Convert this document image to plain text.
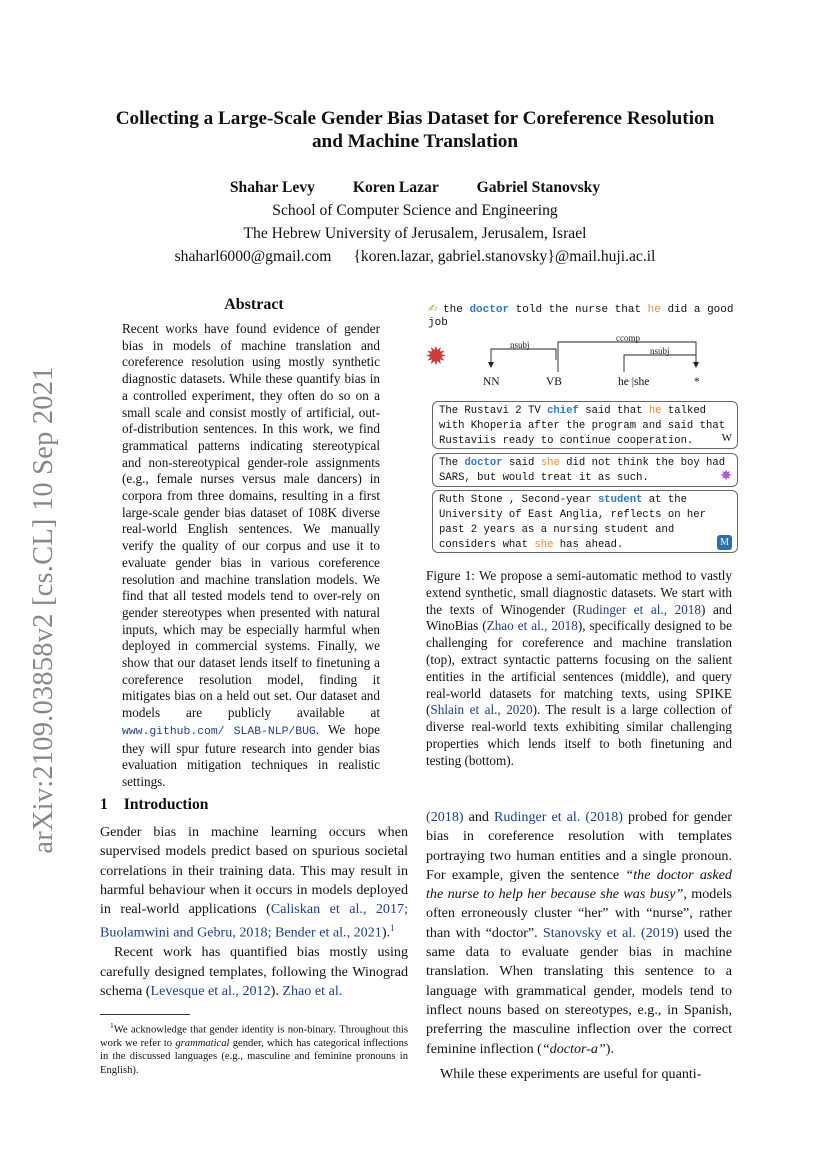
arXiv:2109.03858v2 [cs.CL] 10 Sep 2021
Collecting a Large-Scale Gender Bias Dataset for Coreference Resolution
and Machine Translation
Shahar Levy Koren Lazar Gabriel Stanovsky
School of Computer Science and Engineering
The Hebrew University of Jerusalem, Jerusalem, Israel
shaharl6000@gmail.com {koren.lazar, gabriel.stanovsky}@mail.huji.ac.il
Abstract
Recent works have found evidence of gender bias in models of machine translation and coreference resolution using mostly synthetic diagnostic datasets. While these quantify bias in a controlled experiment, they often do so on a small scale and consist mostly of artificial, out-of-distribution sentences. In this work, we find grammatical patterns indicating stereotypical and non-stereotypical gender-role assignments (e.g., female nurses versus male dancers) in corpora from three domains, resulting in a first large-scale gender bias dataset of 108K diverse real-world English sentences. We manually verify the quality of our corpus and use it to evaluate gender bias in various coreference resolution and machine translation models. We find that all tested models tend to over-rely on gender stereotypes when presented with natural inputs, which may be especially harmful when deployed in commercial systems. Finally, we show that our dataset lends itself to finetuning a coreference resolution model, finding it mitigates bias on a held out set. Our dataset and models are publicly available at www.github.com/ SLAB-NLP/BUG. We hope they will spur future research into gender bias evaluation mitigation techniques in realistic settings.
1 Introduction

Gender bias in machine learning occurs when supervised models predict based on spurious societal correlations in their training data. This may result in harmful behaviour when it occurs in models deployed in real-world applications (Caliskan et al., 2017; Buolamwini and Gebru, 2018; Bender et al., 2021).$^1$

Recent work has quantified bias mostly using carefully designed templates, following the Winograd schema (Levesque et al., 2012). Zhao et al.

$^1$We acknowledge that gender identity is non-binary. Throughout this work we refer to grammatical gender, which has categorical inflections in the discussed languages (e.g., masculine and feminine pronouns in English).

✍ the doctor told the nurse that he did a good job
✹	nsubj
ccomp
nsubj
NN	VB	he |she	*
The Rustavi 2 TV chief said that he talked
with Khoperia after the program and said that
Rustaviis ready to continue cooperation.	W
The doctor said she did not think the boy had
SARS, but would treat it as such.	✸
Ruth Stone , Second-year student at the
University of East Anglia, reflects on her
past 2 years as a nursing student and
considers what she has ahead.	M
Figure 1: We propose a semi-automatic method to vastly extend synthetic, small diagnostic datasets. We start with the texts of Winogender (Rudinger et al., 2018) and WinoBias (Zhao et al., 2018), specifically designed to be challenging for coreference and machine translation (top), extract syntactic patterns focusing on the salient entities in the artificial sentences (middle), and query real-world datasets for matching texts, using SPIKE (Shlain et al., 2020). The result is a large collection of diverse real-world texts exhibiting similar challenging properties which lends itself to both finetuning and testing (bottom).

(2018) and Rudinger et al. (2018) probed for gender bias in coreference resolution with templates portraying two human entities and a single pronoun. For example, given the sentence “the doctor asked the nurse to help her because she was busy”, models often erroneously cluster “her” with “nurse”, rather than with “doctor”. Stanovsky et al. (2019) used the same data to evaluate gender bias in machine translation. When translating this sentence to a language with grammatical gender, models tend to inflect nouns based on stereotypes, e.g., in Spanish, preferring the masculine inflection over the correct feminine inflection (“doctor-a”).

While these experiments are useful for quanti-
